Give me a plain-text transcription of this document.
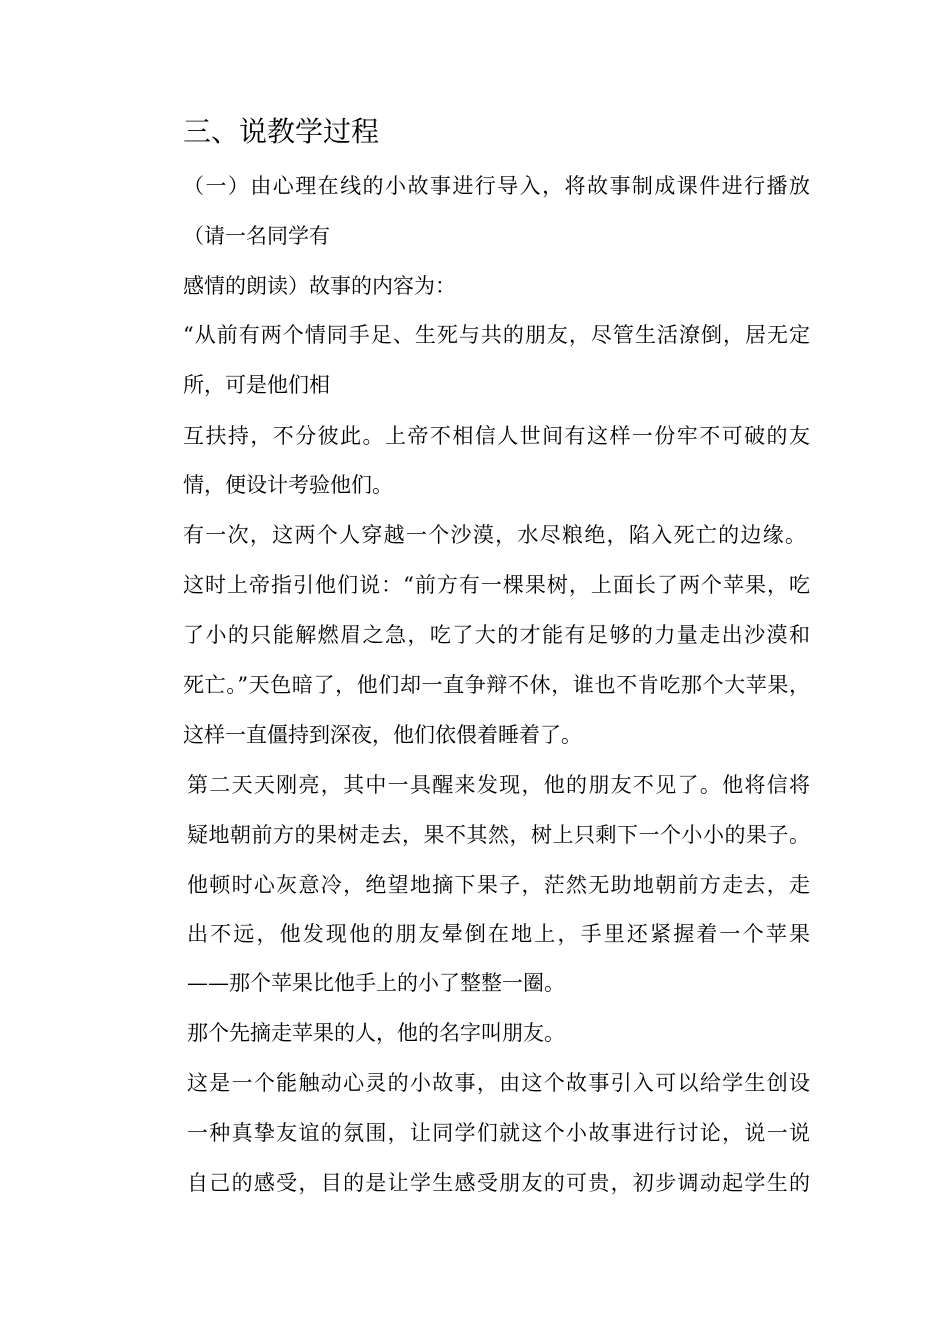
三、说教学过程
（一）由心理在线的小故事进行导入，将故事制成课件进行播放
（请一名同学有
感情的朗读）故事的内容为：
“从前有两个情同手足、生死与共的朋友，尽管生活潦倒，居无定
所，可是他们相
互扶持，不分彼此。上帝不相信人世间有这样一份牢不可破的友
情，便设计考验他们。
有一次，这两个人穿越一个沙漠，水尽粮绝，陷入死亡的边缘。
这时上帝指引他们说：“前方有一棵果树，上面长了两个苹果，吃
了小的只能解燃眉之急，吃了大的才能有足够的力量走出沙漠和
死亡。”天色暗了，他们却一直争辩不休，谁也不肯吃那个大苹果，
这样一直僵持到深夜，他们依偎着睡着了。
第二天天刚亮，其中一具醒来发现，他的朋友不见了。他将信将
疑地朝前方的果树走去，果不其然，树上只剩下一个小小的果子。
他顿时心灰意冷，绝望地摘下果子，茫然无助地朝前方走去，走
出不远，他发现他的朋友晕倒在地上，手里还紧握着一个苹果
——那个苹果比他手上的小了整整一圈。
那个先摘走苹果的人，他的名字叫朋友。
这是一个能触动心灵的小故事，由这个故事引入可以给学生创设
一种真挚友谊的氛围，让同学们就这个小故事进行讨论，说一说
自己的感受，目的是让学生感受朋友的可贵，初步调动起学生的
